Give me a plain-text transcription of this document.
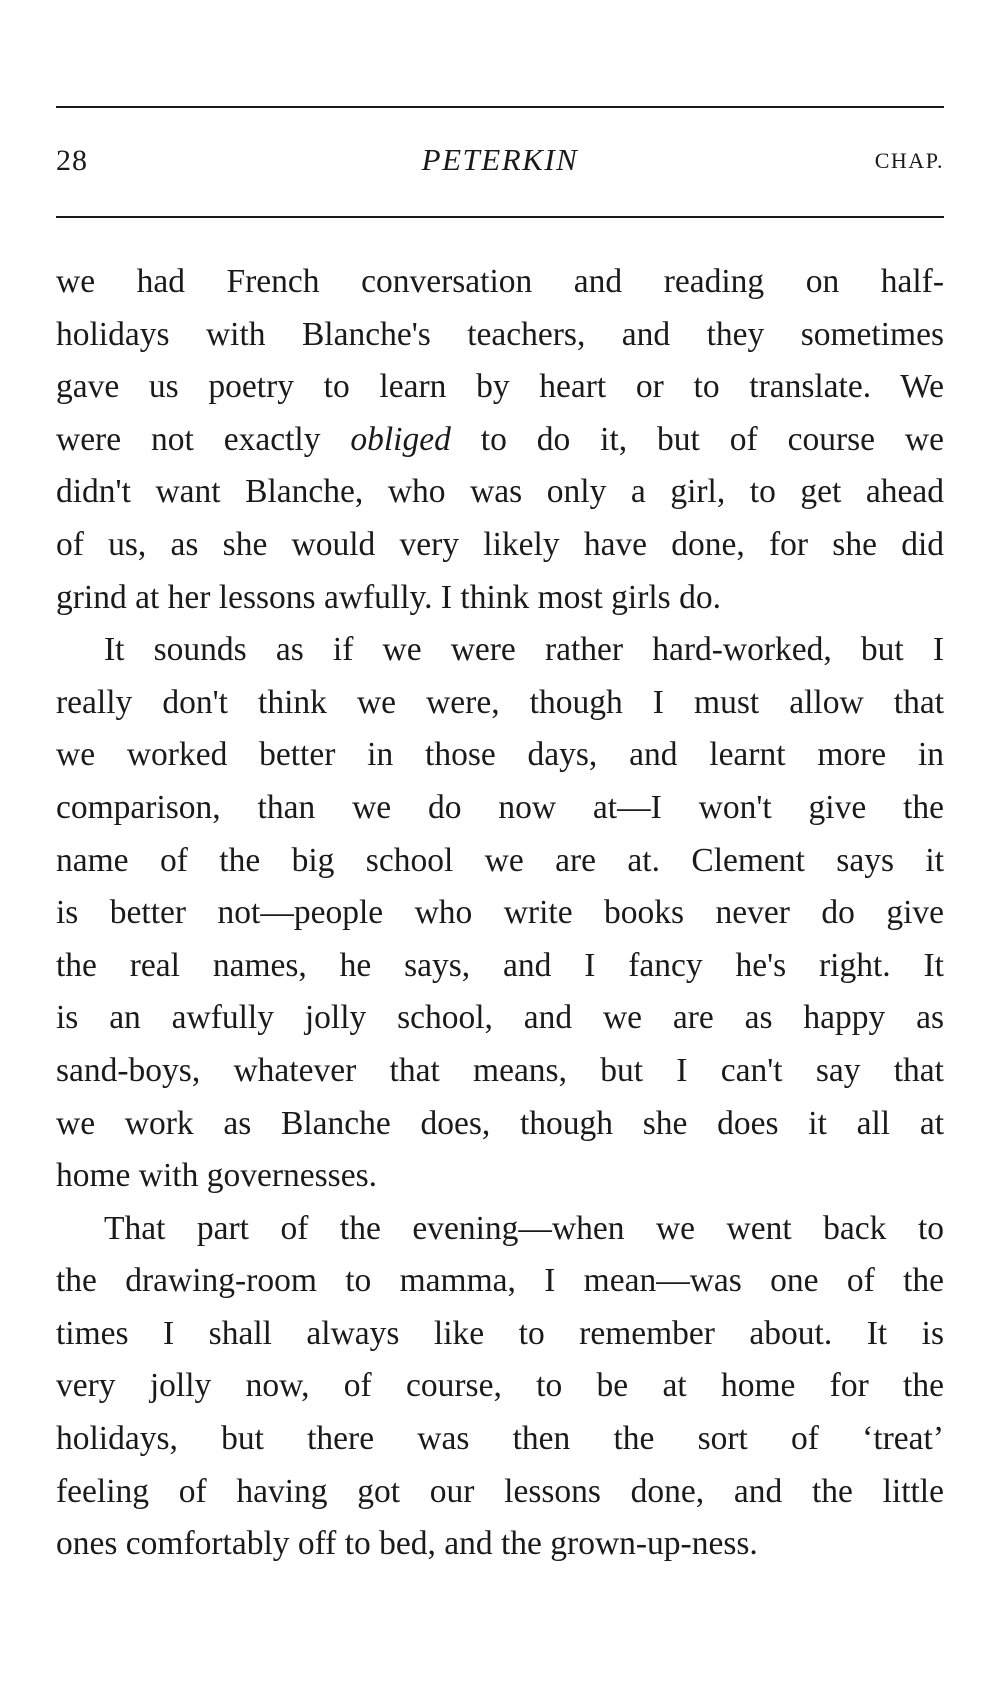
28	PETERKIN	CHAP.
we had French conversation and reading on half-
holidays with Blanche's teachers, and they sometimes
gave us poetry to learn by heart or to translate. We
were not exactly obliged to do it, but of course we
didn't want Blanche, who was only a girl, to get ahead
of us, as she would very likely have done, for she did
grind at her lessons awfully. I think most girls do.
It sounds as if we were rather hard-worked, but I
really don't think we were, though I must allow that
we worked better in those days, and learnt more in
comparison, than we do now at—I won't give the
name of the big school we are at. Clement says it
is better not—people who write books never do give
the real names, he says, and I fancy he's right. It
is an awfully jolly school, and we are as happy as
sand-boys, whatever that means, but I can't say that
we work as Blanche does, though she does it all at
home with governesses.
That part of the evening—when we went back to
the drawing-room to mamma, I mean—was one of the
times I shall always like to remember about. It is
very jolly now, of course, to be at home for the
holidays, but there was then the sort of ‘treat’
feeling of having got our lessons done, and the little
ones comfortably off to bed, and the grown-up-ness.
